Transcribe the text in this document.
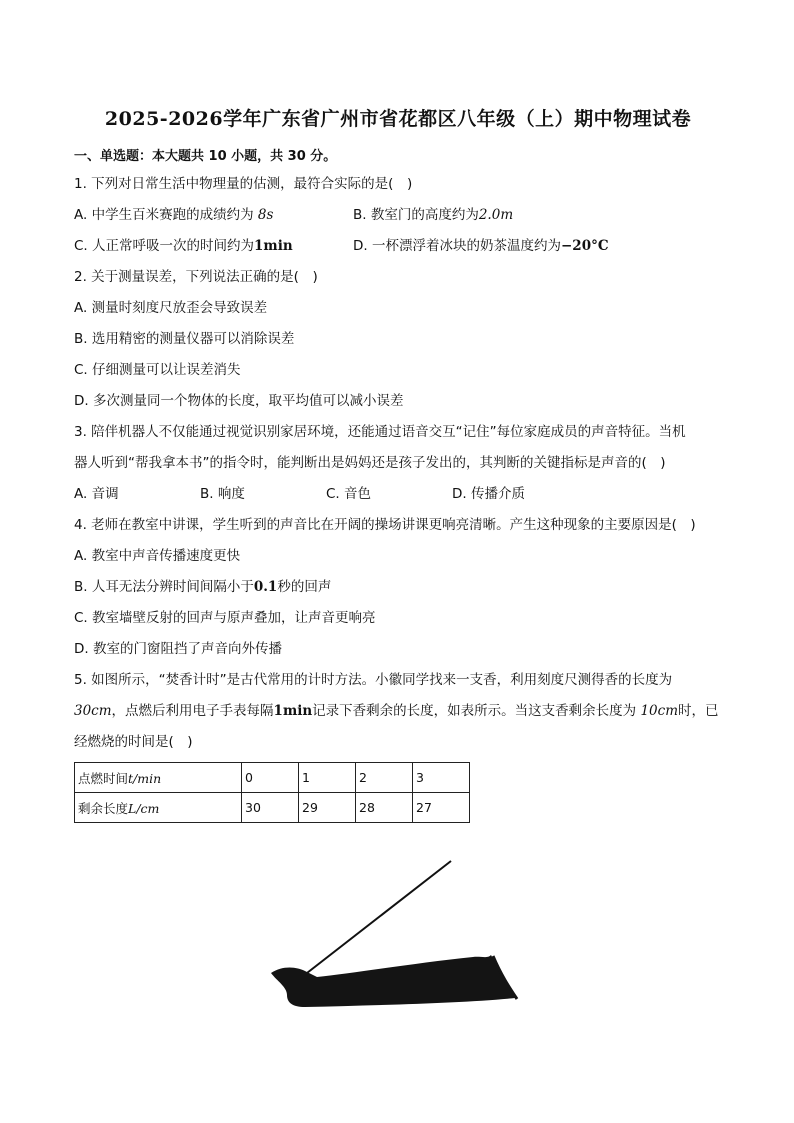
2025-2026学年广东省广州市省花都区八年级（上）期中物理试卷
一、单选题：本大题共 10 小题，共 30 分。
1. 下列对日常生活中物理量的估测，最符合实际的是(　)
A. 中学生百米赛跑的成绩约为 8s	B. 教室门的高度约为2.0m
C. 人正常呼吸一次的时间约为1min	D. 一杯漂浮着冰块的奶茶温度约为−20°C
2. 关于测量误差，下列说法正确的是(　)
A. 测量时刻度尺放歪会导致误差
B. 选用精密的测量仪器可以消除误差
C. 仔细测量可以让误差消失
D. 多次测量同一个物体的长度，取平均值可以减小误差
3. 陪伴机器人不仅能通过视觉识别家居环境，还能通过语音交互“记住”每位家庭成员的声音特征。当机
器人听到“帮我拿本书”的指令时，能判断出是妈妈还是孩子发出的，其判断的关键指标是声音的(　)
A. 音调	B. 响度	C. 音色	D. 传播介质
4. 老师在教室中讲课，学生听到的声音比在开阔的操场讲课更响亮清晰。产生这种现象的主要原因是(　)
A. 教室中声音传播速度更快
B. 人耳无法分辨时间间隔小于0.1秒的回声
C. 教室墙壁反射的回声与原声叠加，让声音更响亮
D. 教室的门窗阻挡了声音向外传播
5. 如图所示，“焚香计时”是古代常用的计时方法。小徽同学找来一支香，利用刻度尺测得香的长度为
30cm，点燃后利用电子手表每隔1min记录下香剩余的长度，如表所示。当这支香剩余长度为 10cm时，已
经燃烧的时间是(　)
点燃时间t/min	0	1	2	3
剩余长度L/cm	30	29	28	27
